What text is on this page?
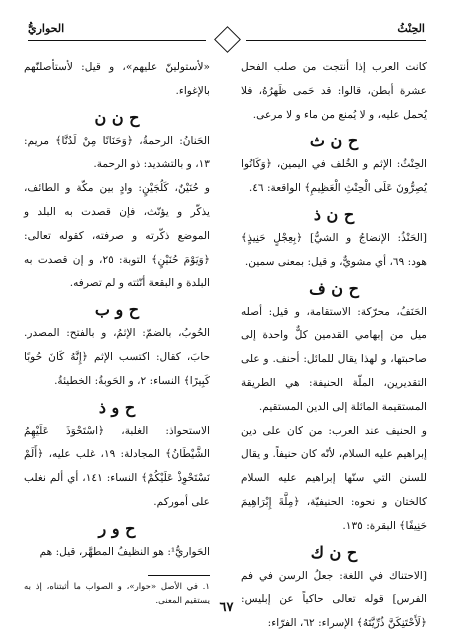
الحواريُّ	الحِنْثُ

كانت العرب إذا أنتجت من صلب الفحل عشرة أبطن، قالوا: قد حَمى ظَهرُهُ، فلا يُحمل عليه، و لا يُمنع من ماء و لا مرعى.

ح ن ث

الحِنْثُ: الإثم و الخُلف في اليمين، ﴿وَكَانُوا يُصِرُّونَ عَلَى الْحِنْثِ الْعَظِيمِ﴾ الواقعة: ٤٦.

ح ن ذ

[الحَنْذُ: الإنضاجُ و الشيُّ] ﴿بِعِجْلٍ حَنِيذٍ﴾ هود: ٦٩، أي مشويٌّ، و قيل: بمعنى سمين.

ح ن ف

الحَنَفُ، محرّكة: الاستقامة، و قيل: أصله ميل من إبهامي القدمين كلٌّ واحدة إلى صاحبتها، و لهذا يقال للمائل: أحنف. و على التقديرين، الملّة الحنيفة: هي الطريقة المستقيمة المائلة إلى الدين المستقيم.

و الحنيف عند العرب: من كان على دين إبراهيم عليه السلام، لأنّه كان حنيفاً. و يقال للسنن التي سنّها إبراهيم عليه السلام كالختان و نحوه: الحنيفيّة، ﴿مِلَّةَ إِبْرَاهِيمَ حَنِيفًا﴾ البقرة: ١٣٥.

ح ن ك

[الاحتناك في اللغة: جعلُ الرسن في فم الفرس] قوله تعالى حاكياً عن إبليس: ﴿لَأَحْتَنِكَنَّ ذُرِّيَّتَهُ﴾ الإسراء: ٦٢، الفرّاء:

«لأستولينّ عليهم»، و قيل: لأستأصلنّهم بالإغواء.

ح ن ن

الحَنانُ: الرحمةُ، ﴿وَحَنَانًا مِنْ لَدُنَّا﴾ مريم: ١٣، و بالتشديد: ذو الرحمة.

و حُنَيْنٌ، كَلُجَيْنٍ: وادٍ بين مكّة و الطائف، يذكّر و يؤنّث، فإن قصدت به البلد و الموضع ذكّرته و صرفته، كقوله تعالى: ﴿وَيَوْمَ حُنَيْنٍ﴾ التوبة: ٢٥، و إن قصدت به البلدة و البقعة أنّثته و لم تصرفه.

ح و ب

الحُوبُ، بالضمّ: الإثمُ، و بالفتح: المصدر. حابَ، كقال: اكتسب الإثم ﴿إِنَّهُ كَانَ حُوبًا كَبِيرًا﴾ النساء: ٢، و الحَوبةُ: الخطيئةُ.

ح و ذ

الاستحواذ: الغلبة، ﴿اسْتَحْوَذَ عَلَيْهِمُ الشَّيْطَانُ﴾ المجادلة: ١٩، غلب عليه، ﴿أَلَمْ نَسْتَحْوِذْ عَلَيْكُمْ﴾ النساء: ١٤١، أي ألم نغلب على أموركم.

ح و ر

الحَواريُّ¹: هو النظيفُ المطهَّر، قيل: هم

١. في الأصل «حوار»، و الصواب ما أثبتناه، إذ به يستقيم المعنى. ٦٧
